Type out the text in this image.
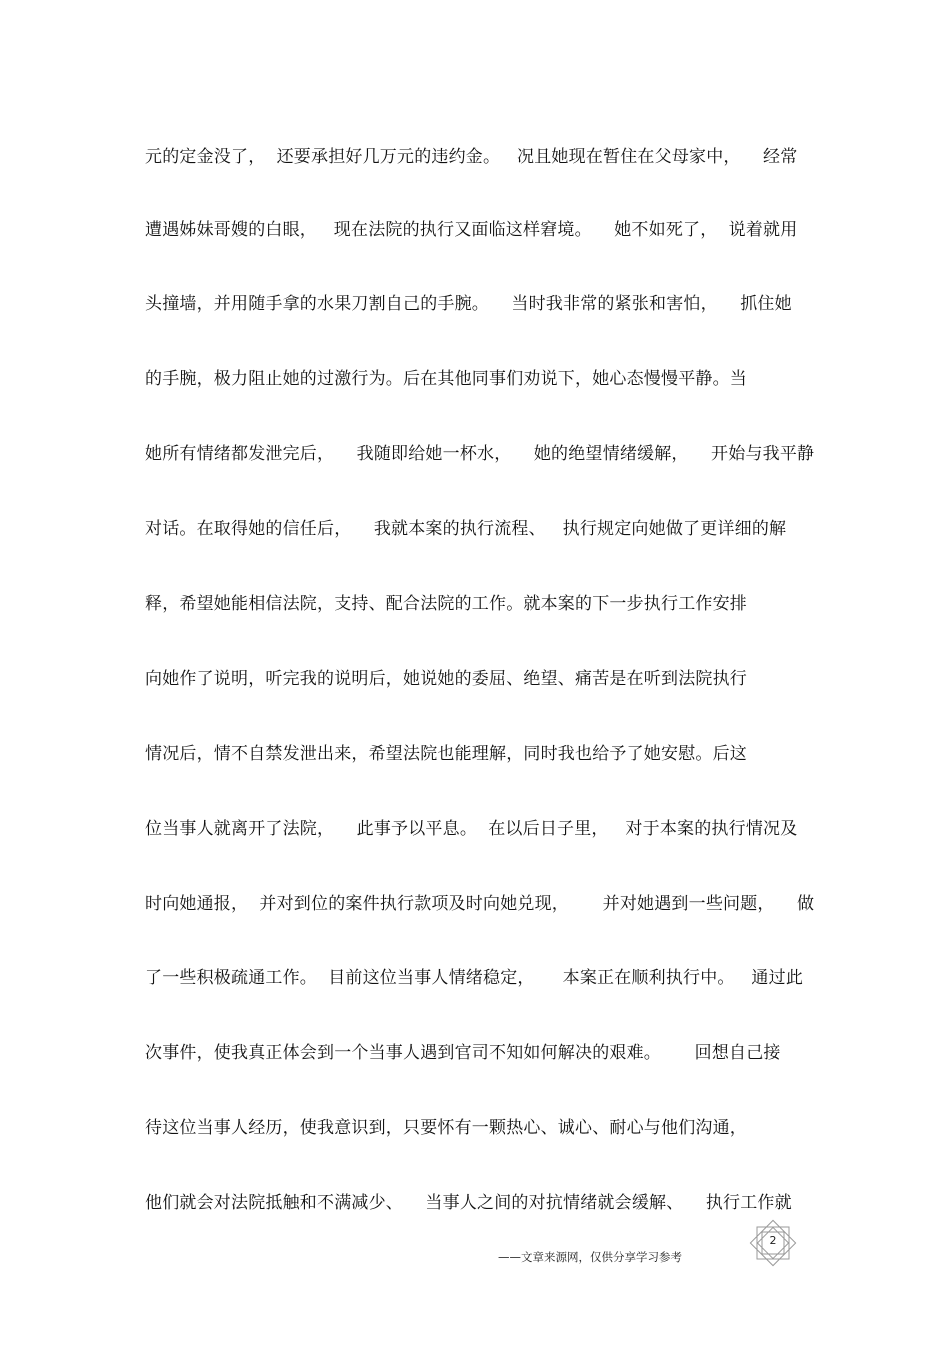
元的定金没了，  还要承担好几万元的违约金。   况且她现在暂住在父母家中，    经常
遭遇姊妹哥嫂的白眼，   现在法院的执行又面临这样窘境。    她不如死了，  说着就用
头撞墙，并用随手拿的水果刀割自己的手腕。    当时我非常的紧张和害怕，    抓住她
的手腕，极力阻止她的过激行为。后在其他同事们劝说下，她心态慢慢平静。当
她所有情绪都发泄完后，    我随即给她一杯水，    她的绝望情绪缓解，    开始与我平静
对话。在取得她的信任后，    我就本案的执行流程、   执行规定向她做了更详细的解
释，希望她能相信法院，支持、配合法院的工作。就本案的下一步执行工作安排
向她作了说明，听完我的说明后，她说她的委屈、绝望、痛苦是在听到法院执行
情况后，情不自禁发泄出来，希望法院也能理解，同时我也给予了她安慰。后这
位当事人就离开了法院，    此事予以平息。  在以后日子里，   对于本案的执行情况及
时向她通报，  并对到位的案件执行款项及时向她兑现，      并对她遇到一些问题，    做
了一些积极疏通工作。  目前这位当事人情绪稳定，     本案正在顺利执行中。   通过此
次事件，使我真正体会到一个当事人遇到官司不知如何解决的艰难。      回想自己接
待这位当事人经历，使我意识到，只要怀有一颗热心、诚心、耐心与他们沟通，
他们就会对法院抵触和不满减少、    当事人之间的对抗情绪就会缓解、    执行工作就
——文章来源网，仅供分享学习参考
2
